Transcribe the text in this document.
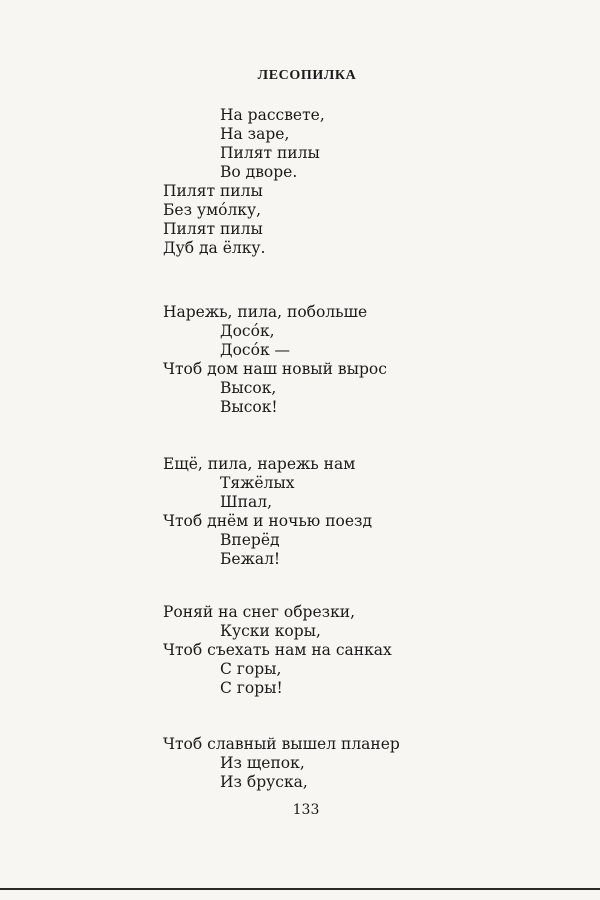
ЛЕСОПИЛКА
На рассвете,
На заре,
Пилят пилы
Во дворе.
Пилят пилы
Без умо́лку,
Пилят пилы
Дуб да ёлку.
Нарежь, пила, побольше
Досо́к,
Досо́к —
Чтоб дом наш новый вырос
Высок,
Высок!
Ещё, пила, нарежь нам
Тяжёлых
Шпал,
Чтоб днём и ночью поезд
Вперёд
Бежал!
Роняй на снег обрезки,
Куски коры,
Чтоб съехать нам на санках
С горы,
С горы!
Чтоб славный вышел планер
Из щепок,
Из бруска,
133
